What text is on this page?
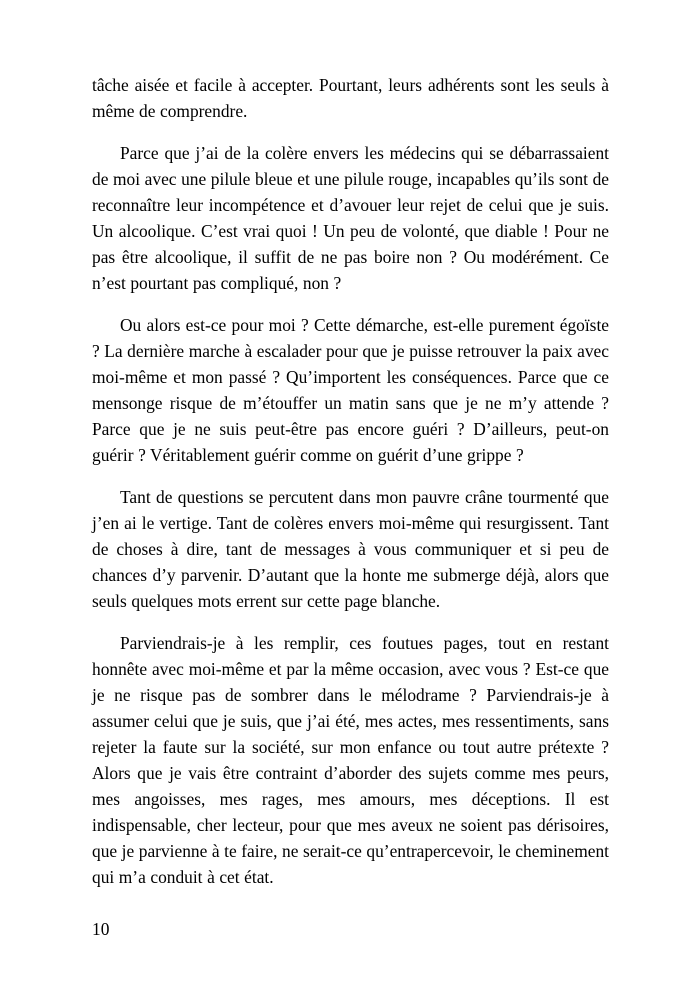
tâche aisée et facile à accepter. Pourtant, leurs adhérents sont les seuls à même de comprendre.

Parce que j’ai de la colère envers les médecins qui se débarrassaient de moi avec une pilule bleue et une pilule rouge, incapables qu’ils sont de reconnaître leur incompétence et d’avouer leur rejet de celui que je suis. Un alcoolique. C’est vrai quoi ! Un peu de volonté, que diable ! Pour ne pas être alcoolique, il suffit de ne pas boire non ? Ou modérément. Ce n’est pourtant pas compliqué, non ?

Ou alors est-ce pour moi ? Cette démarche, est-elle purement égoïste ? La dernière marche à escalader pour que je puisse retrouver la paix avec moi-même et mon passé ? Qu’importent les conséquences. Parce que ce mensonge risque de m’étouffer un matin sans que je ne m’y attende ? Parce que je ne suis peut-être pas encore guéri ? D’ailleurs, peut-on guérir ? Véritablement guérir comme on guérit d’une grippe ?

Tant de questions se percutent dans mon pauvre crâne tourmenté que j’en ai le vertige. Tant de colères envers moi-même qui resurgissent. Tant de choses à dire, tant de messages à vous communiquer et si peu de chances d’y parvenir. D’autant que la honte me submerge déjà, alors que seuls quelques mots errent sur cette page blanche.

Parviendrais-je à les remplir, ces foutues pages, tout en restant honnête avec moi-même et par la même occasion, avec vous ? Est-ce que je ne risque pas de sombrer dans le mélodrame ? Parviendrais-je à assumer celui que je suis, que j’ai été, mes actes, mes ressentiments, sans rejeter la faute sur la société, sur mon enfance ou tout autre prétexte ? Alors que je vais être contraint d’aborder des sujets comme mes peurs, mes angoisses, mes rages, mes amours, mes déceptions. Il est indispensable, cher lecteur, pour que mes aveux ne soient pas dérisoires, que je parvienne à te faire, ne serait-ce qu’entrapercevoir, le cheminement qui m’a conduit à cet état.

10
